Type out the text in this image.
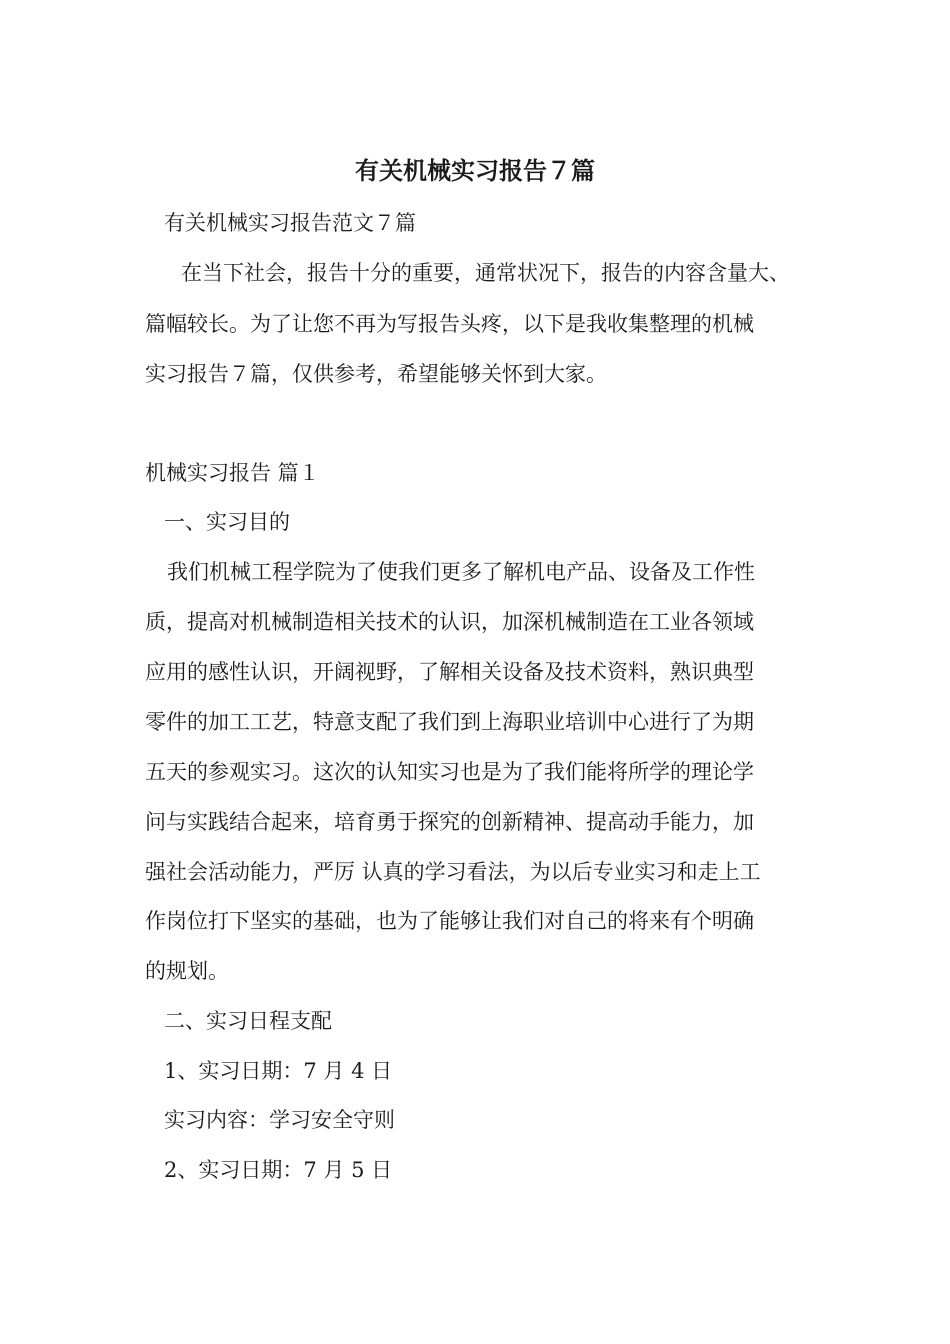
有关机械实习报告７篇
有关机械实习报告范文７篇
在当下社会，报告十分的重要，通常状况下，报告的内容含量大、
篇幅较长。为了让您不再为写报告头疼，以下是我收集整理的机械
实习报告７篇，仅供参考，希望能够关怀到大家。
机械实习报告 篇１
一、实习目的
我们机械工程学院为了使我们更多了解机电产品、设备及工作性
质，提高对机械制造相关技术的认识，加深机械制造在工业各领域
应用的感性认识，开阔视野，了解相关设备及技术资料，熟识典型
零件的加工工艺，特意支配了我们到上海职业培训中心进行了为期
五天的参观实习。这次的认知实习也是为了我们能将所学的理论学
问与实践结合起来，培育勇于探究的创新精神、提高动手能力，加
强社会活动能力，严厉 认真的学习看法，为以后专业实习和走上工
作岗位打下坚实的基础，也为了能够让我们对自己的将来有个明确
的规划。
二、实习日程支配
1、实习日期：7 月 4 日
实习内容：学习安全守则
2、实习日期：7 月 5 日
